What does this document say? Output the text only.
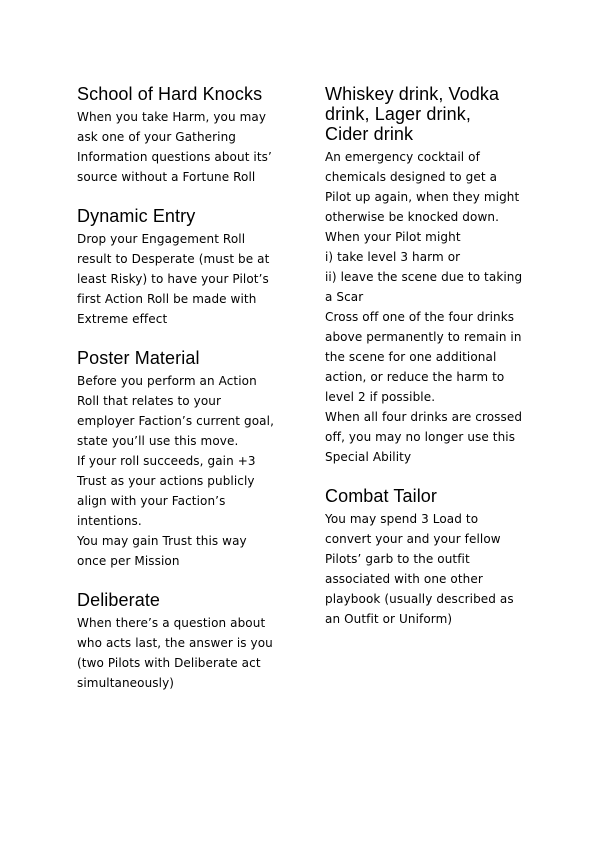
School of Hard Knocks

When you take Harm, you may
ask one of your Gathering
Information questions about its’
source without a Fortune Roll

Dynamic Entry

Drop your Engagement Roll
result to Desperate (must be at
least Risky) to have your Pilot’s
first Action Roll be made with
Extreme effect

Poster Material

Before you perform an Action
Roll that relates to your
employer Faction’s current goal,
state you’ll use this move.

If your roll succeeds, gain +3
Trust as your actions publicly
align with your Faction’s
intentions.

You may gain Trust this way
once per Mission

Deliberate

When there’s a question about
who acts last, the answer is you
(two Pilots with Deliberate act
simultaneously)

Whiskey drink, Vodka
drink, Lager drink,
Cider drink

An emergency cocktail of
chemicals designed to get a
Pilot up again, when they might
otherwise be knocked down.

When your Pilot might

i) take level 3 harm or

ii) leave the scene due to taking
a Scar

Cross off one of the four drinks
above permanently to remain in
the scene for one additional
action, or reduce the harm to
level 2 if possible.

When all four drinks are crossed
off, you may no longer use this
Special Ability

Combat Tailor

You may spend 3 Load to
convert your and your fellow
Pilots’ garb to the outfit
associated with one other
playbook (usually described as
an Outfit or Uniform)
